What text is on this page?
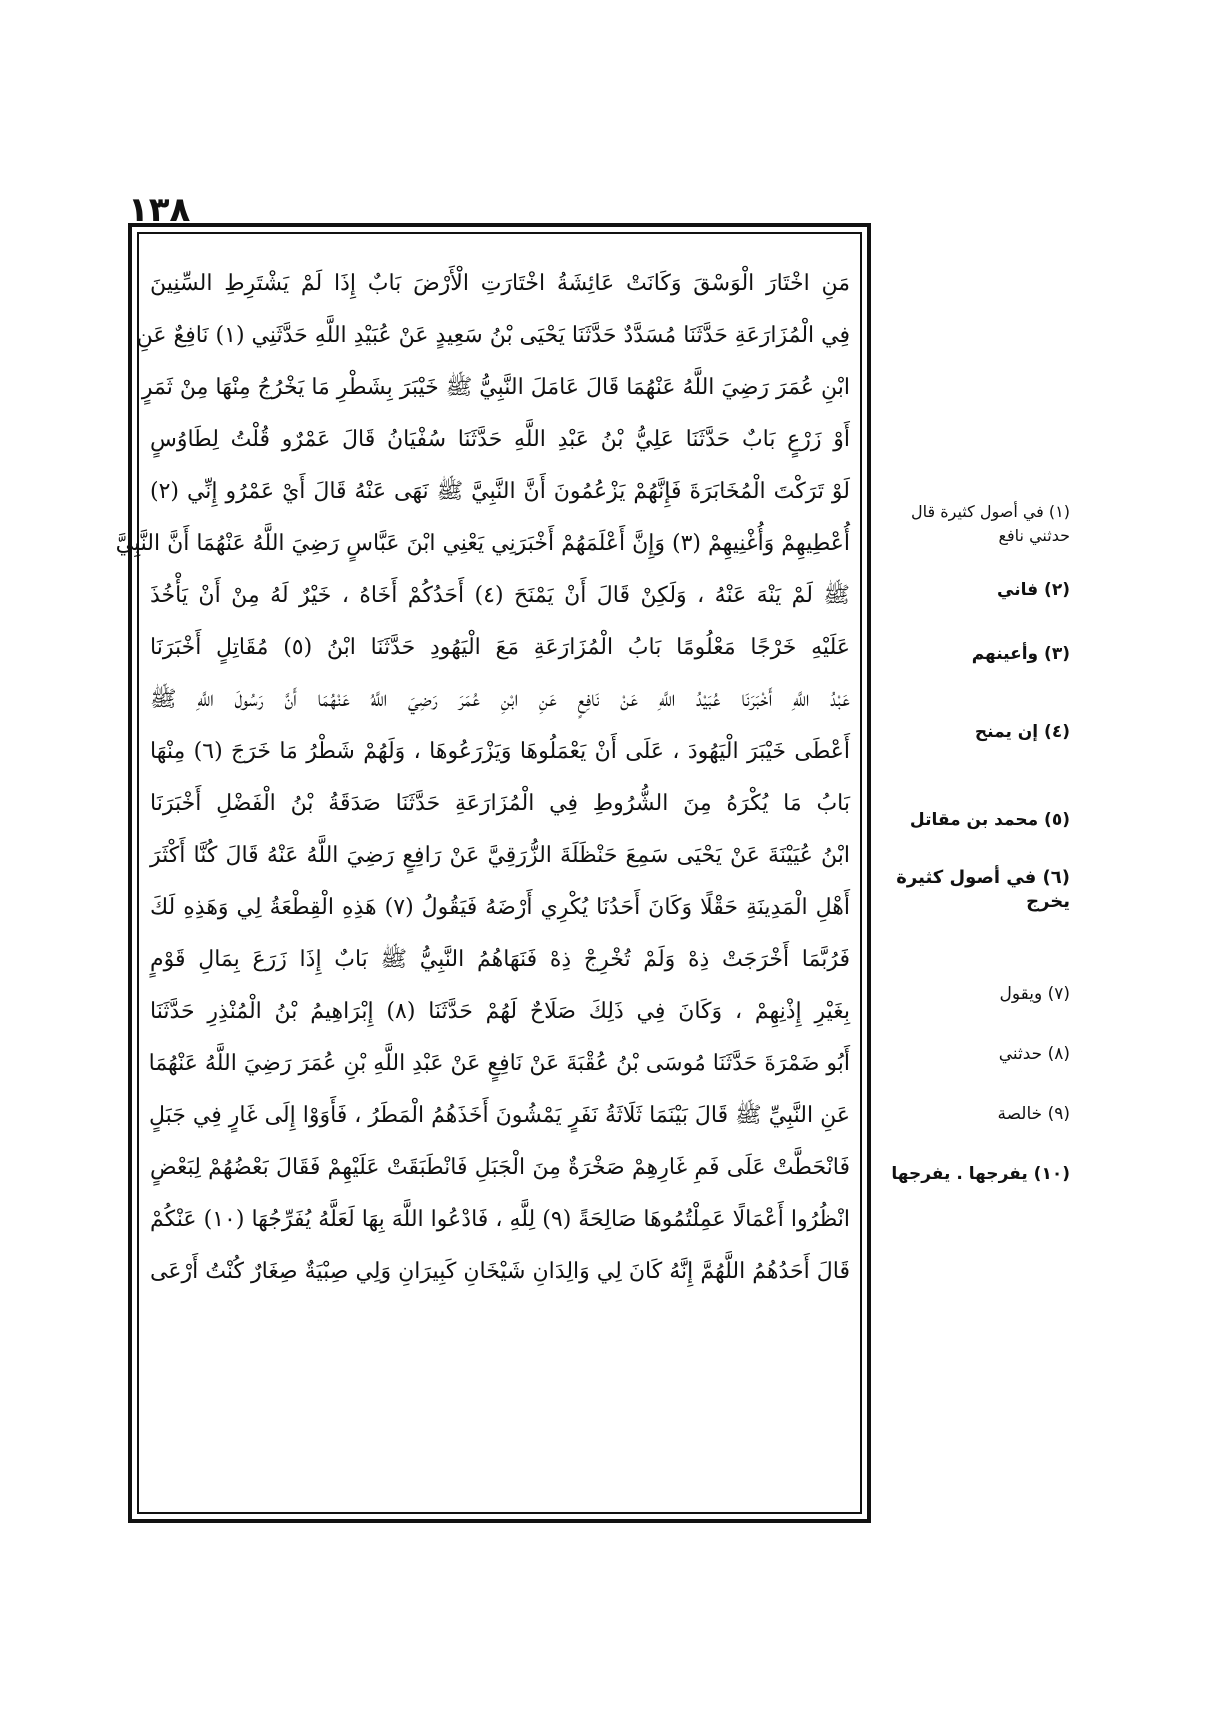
١٣٨
مَنِ اخْتَارَ الْوَسْقَ وَكَانَتْ عَائِشَةُ اخْتَارَتِ الْأَرْضَ بَابٌ إِذَا لَمْ يَشْتَرِطِ السِّنِينَ
فِي الْمُزَارَعَةِ حَدَّثَنَا مُسَدَّدٌ حَدَّثَنَا يَحْيَى بْنُ سَعِيدٍ عَنْ عُبَيْدِ اللَّهِ حَدَّثَنِي (١) نَافِعٌ عَنِ
ابْنِ عُمَرَ رَضِيَ اللَّهُ عَنْهُمَا قَالَ عَامَلَ النَّبِيُّ ﷺ خَيْبَرَ بِشَطْرِ مَا يَخْرُجُ مِنْهَا مِنْ ثَمَرٍ
أَوْ زَرْعٍ بَابٌ حَدَّثَنَا عَلِيُّ بْنُ عَبْدِ اللَّهِ حَدَّثَنَا سُفْيَانُ قَالَ عَمْرٌو قُلْتُ لِطَاوُسٍ
لَوْ تَرَكْتَ الْمُخَابَرَةَ فَإِنَّهُمْ يَزْعُمُونَ أَنَّ النَّبِيَّ ﷺ نَهَى عَنْهُ قَالَ أَيْ عَمْرُو إِنِّي (٢)
أُعْطِيهِمْ وَأُغْنِيهِمْ (٣) وَإِنَّ أَعْلَمَهُمْ أَخْبَرَنِي يَعْنِي ابْنَ عَبَّاسٍ رَضِيَ اللَّهُ عَنْهُمَا أَنَّ النَّبِيَّ
ﷺ لَمْ يَنْهَ عَنْهُ ، وَلَكِنْ قَالَ أَنْ يَمْنَحَ (٤) أَحَدُكُمْ أَخَاهُ ، خَيْرٌ لَهُ مِنْ أَنْ يَأْخُذَ
عَلَيْهِ خَرْجًا مَعْلُومًا بَابُ الْمُزَارَعَةِ مَعَ الْيَهُودِ حَدَّثَنَا ابْنُ (٥) مُقَاتِلٍ أَخْبَرَنَا
عَبْدُ اللَّهِ أَخْبَرَنَا عُبَيْدُ اللَّهِ عَنْ نَافِعٍ عَنِ ابْنِ عُمَرَ رَضِيَ اللَّهُ عَنْهُمَا أَنَّ رَسُولَ اللَّهِ ﷺ
أَعْطَى خَيْبَرَ الْيَهُودَ ، عَلَى أَنْ يَعْمَلُوهَا وَيَزْرَعُوهَا ، وَلَهُمْ شَطْرُ مَا خَرَجَ (٦) مِنْهَا
بَابُ مَا يُكْرَهُ مِنَ الشُّرُوطِ فِي الْمُزَارَعَةِ حَدَّثَنَا صَدَقَةُ بْنُ الْفَضْلِ أَخْبَرَنَا
ابْنُ عُيَيْنَةَ عَنْ يَحْيَى سَمِعَ حَنْظَلَةَ الزُّرَقِيَّ عَنْ رَافِعٍ رَضِيَ اللَّهُ عَنْهُ قَالَ كُنَّا أَكْثَرَ
أَهْلِ الْمَدِينَةِ حَقْلًا وَكَانَ أَحَدُنَا يُكْرِي أَرْضَهُ فَيَقُولُ (٧) هَذِهِ الْقِطْعَةُ لِي وَهَذِهِ لَكَ
فَرُبَّمَا أَخْرَجَتْ ذِهْ وَلَمْ تُخْرِجْ ذِهْ فَنَهَاهُمُ النَّبِيُّ ﷺ بَابٌ إِذَا زَرَعَ بِمَالِ قَوْمٍ
بِغَيْرِ إِذْنِهِمْ ، وَكَانَ فِي ذَلِكَ صَلَاحٌ لَهُمْ حَدَّثَنَا (٨) إِبْرَاهِيمُ بْنُ الْمُنْذِرِ حَدَّثَنَا
أَبُو ضَمْرَةَ حَدَّثَنَا مُوسَى بْنُ عُقْبَةَ عَنْ نَافِعٍ عَنْ عَبْدِ اللَّهِ بْنِ عُمَرَ رَضِيَ اللَّهُ عَنْهُمَا
عَنِ النَّبِيِّ ﷺ قَالَ بَيْنَمَا ثَلَاثَةُ نَفَرٍ يَمْشُونَ أَخَذَهُمُ الْمَطَرُ ، فَأَوَوْا إِلَى غَارٍ فِي جَبَلٍ
فَانْحَطَّتْ عَلَى فَمِ غَارِهِمْ صَخْرَةٌ مِنَ الْجَبَلِ فَانْطَبَقَتْ عَلَيْهِمْ فَقَالَ بَعْضُهُمْ لِبَعْضٍ
انْظُرُوا أَعْمَالًا عَمِلْتُمُوهَا صَالِحَةً (٩) لِلَّهِ ، فَادْعُوا اللَّهَ بِهَا لَعَلَّهُ يُفَرِّجُهَا (١٠) عَنْكُمْ
قَالَ أَحَدُهُمُ اللَّهُمَّ إِنَّهُ كَانَ لِي وَالِدَانِ شَيْخَانِ كَبِيرَانِ وَلِي صِبْيَةٌ صِغَارٌ كُنْتُ أَرْعَى
(١) في أصول كثيرة قال حدثني نافع
(٢) فاني
(٣) وأعينهم
(٤) إن يمنح
(٥) محمد بن مقاتل
(٦) في أصول كثيرة يخرج
(٧) ويقول
(٨) حدثني
(٩) خالصة
(١٠) يفرجها . يفرجها
